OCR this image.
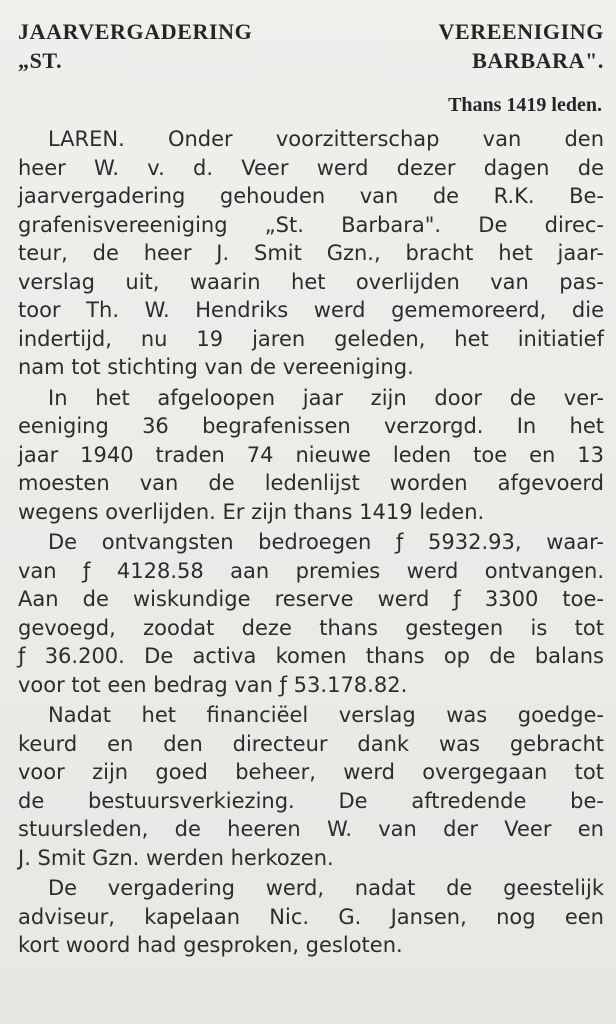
JAARVERGADERING VEREENIGING
„ST. BARBARA".
Thans 1419 leden.
LAREN. Onder voorzitterschap van den
heer W. v. d. Veer werd dezer dagen de
jaarvergadering gehouden van de R.K. Be-
grafenisvereeniging „St. Barbara". De direc-
teur, de heer J. Smit Gzn., bracht het jaar-
verslag uit, waarin het overlijden van pas-
toor Th. W. Hendriks werd gememoreerd, die
indertijd, nu 19 jaren geleden, het initiatief
nam tot stichting van de vereeniging.
In het afgeloopen jaar zijn door de ver-
eeniging 36 begrafenissen verzorgd. In het
jaar 1940 traden 74 nieuwe leden toe en 13
moesten van de ledenlijst worden afgevoerd
wegens overlijden. Er zijn thans 1419 leden.
De ontvangsten bedroegen ƒ 5932.93, waar-
van ƒ 4128.58 aan premies werd ontvangen.
Aan de wiskundige reserve werd ƒ 3300 toe-
gevoegd, zoodat deze thans gestegen is tot
ƒ 36.200. De activa komen thans op de balans
voor tot een bedrag van ƒ 53.178.82.
Nadat het financiëel verslag was goedge-
keurd en den directeur dank was gebracht
voor zijn goed beheer, werd overgegaan tot
de bestuursverkiezing. De aftredende be-
stuursleden, de heeren W. van der Veer en
J. Smit Gzn. werden herkozen.
De vergadering werd, nadat de geestelijk
adviseur, kapelaan Nic. G. Jansen, nog een
kort woord had gesproken, gesloten.
